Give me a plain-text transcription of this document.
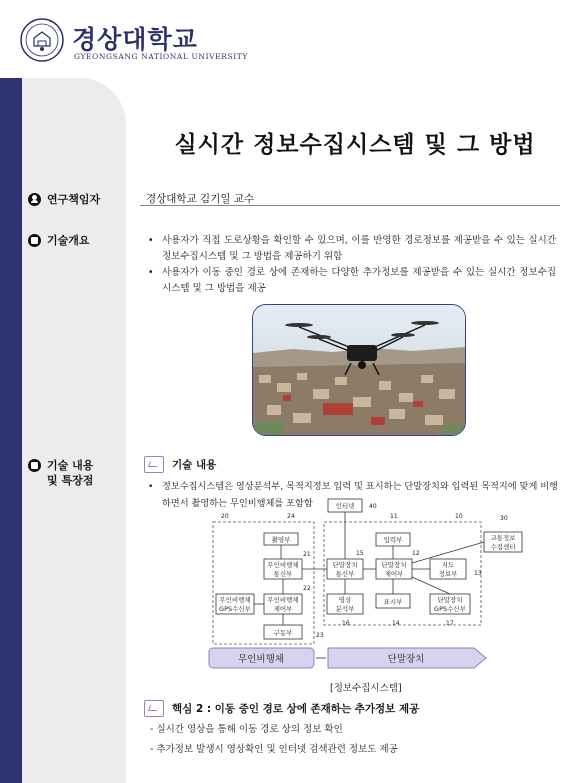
경상대학교
GYEONGSANG NATIONAL UNIVERSITY
실시간 정보수집시스템 및 그 방법
연구책임자	경상대학교 김기일 교수
기술개요	• 사용자가 직접 도로상황을 확인할 수 있으며, 이를 반영한 경로정보를 제공받을 수 있는 실시간 정보수집시스템 및 그 방법을 제공하기 위함
• 사용자가 이동 중인 경로 상에 존재하는 다양한 추가정보를 제공받을 수 있는 실시간 정보수집시스템 및 그 방법을 제공
기술 내용
및 특장점
기술 내용
• 정보수집시스템은 영상분석부, 목적지정보 입력 및 표시하는 단말장치와 입력된 목적지에 맞게 비행하면서 촬영하는 무인비행체를 포함함	인터넷
촬영부
무인비행체
통신부
무인비행체
제어부
무인비행체
GPS수신부
구동부
단말장치
통신부
영상
분석부
입력부
단말장치
제어부
표시부
지도
정보부
단말장치
GPS수신부
교통정보
수집센터
40
24
20
21
22
23
11	10
15	12
13
16	14	17
30
무인비행체	단말장치
[정보수집시스템]
핵심 2 : 이동 중인 경로 상에 존재하는 추가정보 제공
- 실시간 영상을 통해 이동 경로 상의 정보 확인
- 추가정보 발생시 영상확인 및 인터넷 검색관련 정보도 제공
